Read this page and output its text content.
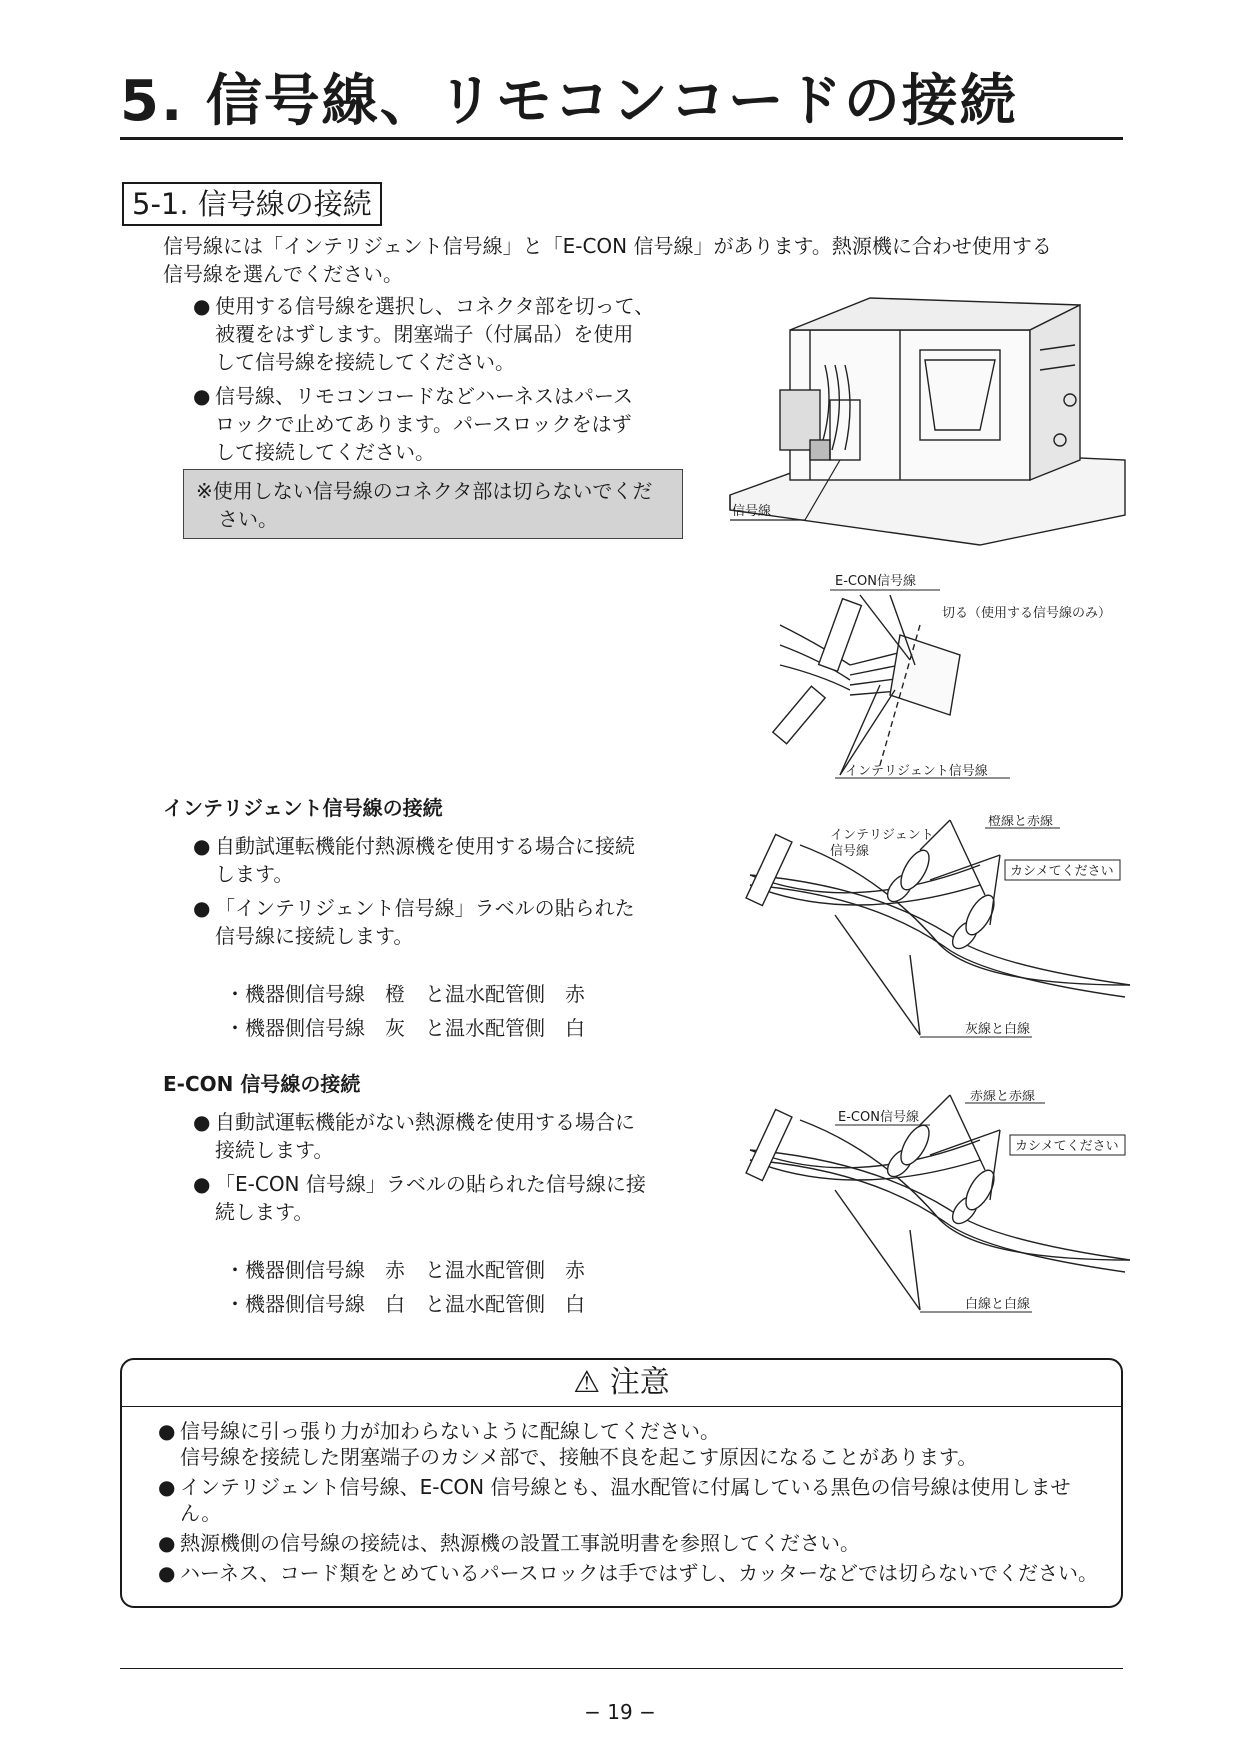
5. 信号線、リモコンコードの接続
5-1. 信号線の接続
信号線には「インテリジェント信号線」と「E-CON 信号線」があります。熱源機に合わせ使用する
信号線を選んでください。
● 使用する信号線を選択し、コネクタ部を切って、
被覆をはずします。閉塞端子（付属品）を使用
して信号線を接続してください。
● 信号線、リモコンコードなどハーネスはパース
ロックで止めてあります。パースロックをはず
して接続してください。
※使用しない信号線のコネクタ部は切らないでくだ
さい。	信号線
E-CON信号線
切る（使用する信号線のみ）
インテリジェント信号線
インテリジェント信号線の接続
● 自動試運転機能付熱源機を使用する場合に接続
します。
● 「インテリジェント信号線」ラベルの貼られた
信号線に接続します。
・機器側信号線　橙　と温水配管側　赤
・機器側信号線　灰　と温水配管側　白
橙線と赤線
カシメてください
インテリジェント
信号線
灰線と白線
E-CON 信号線の接続
● 自動試運転機能がない熱源機を使用する場合に
接続します。
● 「E-CON 信号線」ラベルの貼られた信号線に接
続します。
・機器側信号線　赤　と温水配管側　赤
・機器側信号線　白　と温水配管側　白
赤線と赤線
カシメてください
E-CON信号線
白線と白線
⚠ 注意
● 信号線に引っ張り力が加わらないように配線してください。
信号線を接続した閉塞端子のカシメ部で、接触不良を起こす原因になることがあります。
● インテリジェント信号線、E-CON 信号線とも、温水配管に付属している黒色の信号線は使用しません。
● 熱源機側の信号線の接続は、熱源機の設置工事説明書を参照してください。
● ハーネス、コード類をとめているパースロックは手ではずし、カッターなどでは切らないでください。
− 19 −
